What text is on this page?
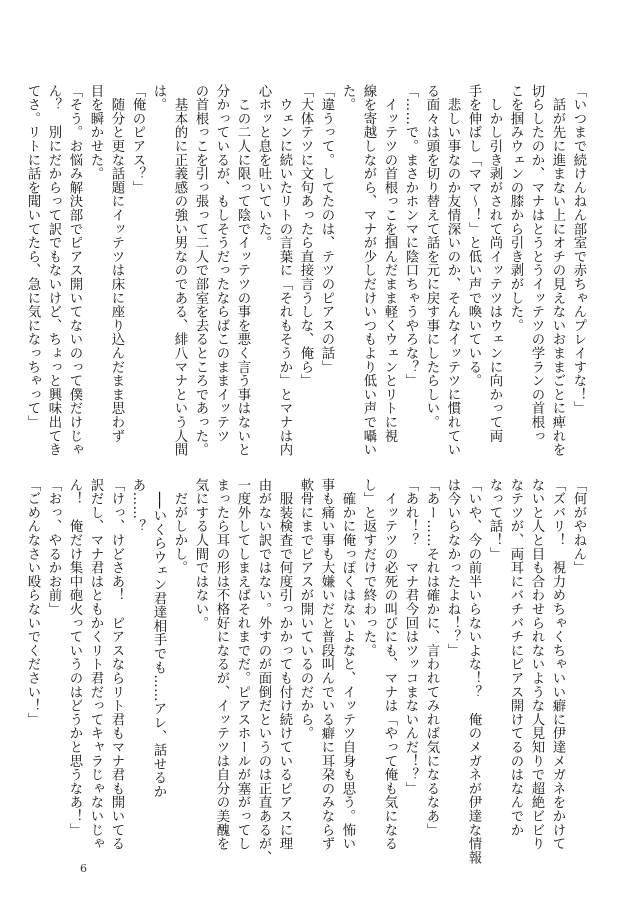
「いつまで続けんねん部室で赤ちゃんプレイすな！」
　話が先に進まない上にオチの見えないおままごとに痺れを
切らしたのか、マナはとうとうイッテツの学ランの首根っ
こを掴みウェンの膝から引き剥がした。
　しかし引き剥がされて尚イッテツはウェンに向かって両
手を伸ばし「ママ〜！」と低い声で喚いている。
　悲しい事なのか友情深いのか、そんなイッテツに慣れてい
る面々は頭を切り替えて話を元に戻す事にしたらしい。
「……で。まさかホンマに陰口ちゃうやろな？」
　イッテツの首根っこを掴んだまま軽くウェンとリトに視
線を寄越しながら、マナが少しだけいつもより低い声で囁い
た。
「違うって。してたのは、テツのピアスの話」
「大体テツに文句あったら直接言うしな、俺ら」
　ウェンに続いたリトの言葉に「それもそうか」とマナは内
心ホッと息を吐いていた。
　この二人に限って陰でイッテツの事を悪く言う事はないと
分かっているが、もしそうだったならばこのままイッテツ
の首根っこを引っ張って二人で部室を去るところであった。
　基本的に正義感の強い男なのである、緋八マナという人間
は。
「俺のピアス？」
　随分と更な話題にイッテツは床に座り込んだまま思わず
目を瞬かせた。
「そう。お悩み解決部でピアス開いてないのって僕だけじゃ
ん？　別にだからって訳でもないけど、ちょっと興味出てき
てさ。リトに話を聞いてたら、急に気になっちゃって」
「何がやねん」
「ズバリ！　視力めちゃくちゃいい癖に伊達メガネをかけて
ないと人と目も合わせられないような人見知りで超絶ビビり
なテツが、両耳にバチバチにピアス開けてるのはなんでか
なって話！」
「いや、今の前半いらないよな！？　俺のメガネが伊達な情報
は今いらなかったよね！？」
「あー……それは確かに、言われてみれば気になるなあ」
「あれ！？　マナ君今回はツッコまないんだ！？」
　イッテツの必死の叫びにも、マナは「やって俺も気になる
し」と返すだけで終わった。
　確かに俺っぽくはないよなと、イッテツ自身も思う。怖い
事も痛い事も大嫌いだと普段叫んでいる癖に耳朶のみならず
軟骨にまでピアスが開いているのだから。
　服装検査で何度引っかかっても付け続けているピアスに理
由がない訳ではない。外すのが面倒だというのは正直あるが、
一度外してしまえばそれまでだ。ピアスホールが塞がってし
まったら耳の形は不格好になるが、イッテツは自分の美醜を
気にする人間ではない。
　だがしかし。
　──いくらウェン君達相手でも……アレ、話せるか
あ……？
「けっ、けどさあ！　ピアスならリト君もマナ君も開いてる
訳だし、マナ君はともかくリト君だってキャラじゃないじゃ
ん！　俺だけ集中砲火っていうのはどうかと思うなあ！」
「おっ、やるかお前」
「ごめんなさい殴らないでください！」
6
